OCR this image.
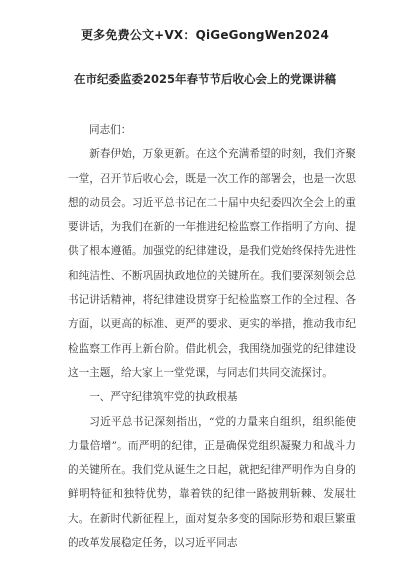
更多免费公文+VX：QiGeGongWen2024
在市纪委监委2025年春节节后收心会上的党课讲稿

同志们：

新春伊始，万象更新。在这个充满希望的时刻，我们齐聚一堂，召开节后收心会，既是一次工作的部署会，也是一次思想的动员会。习近平总书记在二十届中央纪委四次全会上的重要讲话，为我们在新的一年推进纪检监察工作指明了方向、提供了根本遵循。加强党的纪律建设，是我们党始终保持先进性和纯洁性、不断巩固执政地位的关键所在。我们要深刻领会总书记讲话精神，将纪律建设贯穿于纪检监察工作的全过程、各方面，以更高的标准、更严的要求、更实的举措，推动我市纪检监察工作再上新台阶。借此机会，我围绕加强党的纪律建设这一主题，给大家上一堂党课，与同志们共同交流探讨。

一、严守纪律筑牢党的执政根基

习近平总书记深刻指出，“党的力量来自组织，组织能使力量倍增”。而严明的纪律，正是确保党组织凝聚力和战斗力的关键所在。我们党从诞生之日起，就把纪律严明作为自身的鲜明特征和独特优势，靠着铁的纪律一路披荆斩棘、发展壮大。在新时代新征程上，面对复杂多变的国际形势和艰巨繁重的改革发展稳定任务，以习近平同志
